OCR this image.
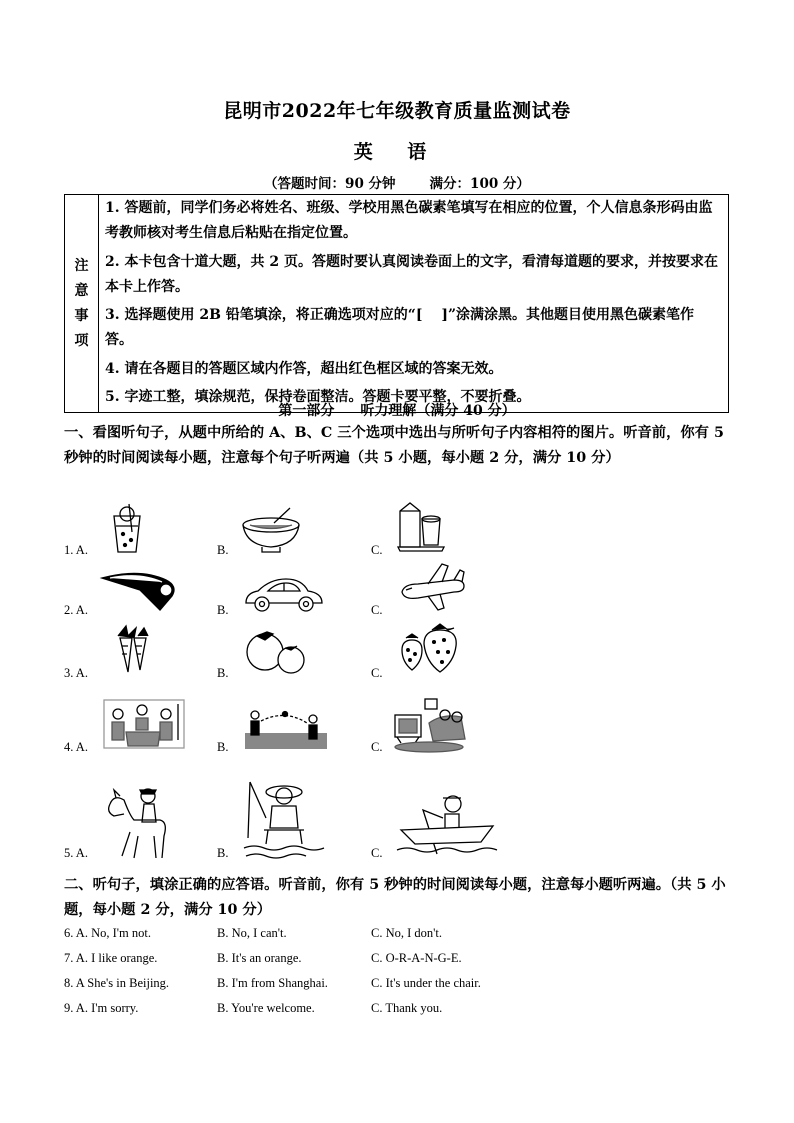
昆明市2022年七年级教育质量监测试卷
英 语
（答题时间：90 分钟	满分：100 分）
注
意
事
项
	1. 答题前，同学们务必将姓名、班级、学校用黑色碳素笔填写在相应的位置，个人信息条形码由监考教师核对考生信息后粘贴在指定位置。
2. 本卡包含十道大题，共 2 页。答题时要认真阅读卷面上的文字，看清每道题的要求，并按要求在本卡上作答。
3. 选择题使用 2B 铅笔填涂，将正确选项对应的“[　 ]”涂满涂黑。其他题目使用黑色碳素笔作答。
4. 请在各题目的答题区域内作答，超出红色框区域的答案无效。
5. 字迹工整，填涂规范，保持卷面整洁。答题卡要平整，不要折叠。
第一部分 听力理解（满分 40 分）
一、看图听句子，从题中所给的 A、B、C 三个选项中选出与所听句子内容相符的图片。听音前，你有 5 秒钟的时间阅读每小题，注意每个句子听两遍（共 5 小题，每小题 2 分，满分 10 分）
1. A.	B.	C.
2. A.	B.	C.
3. A.	B.	C.
4. A.	B.	C.
5. A.	B.	C.
二、听句子，填涂正确的应答语。听音前，你有 5 秒钟的时间阅读每小题，注意每小题听两遍。（共 5 小题，每小题 2 分，满分 10 分）
6. A. No, I'm not.	B. No, I can't.	C. No, I don't.
7. A. I like orange.	B. It's an orange.	C. O-R-A-N-G-E.
8. A She's in Beijing.	B. I'm from Shanghai.	C. It's under the chair.
9. A. I'm sorry.	B. You're welcome.	C. Thank you.
